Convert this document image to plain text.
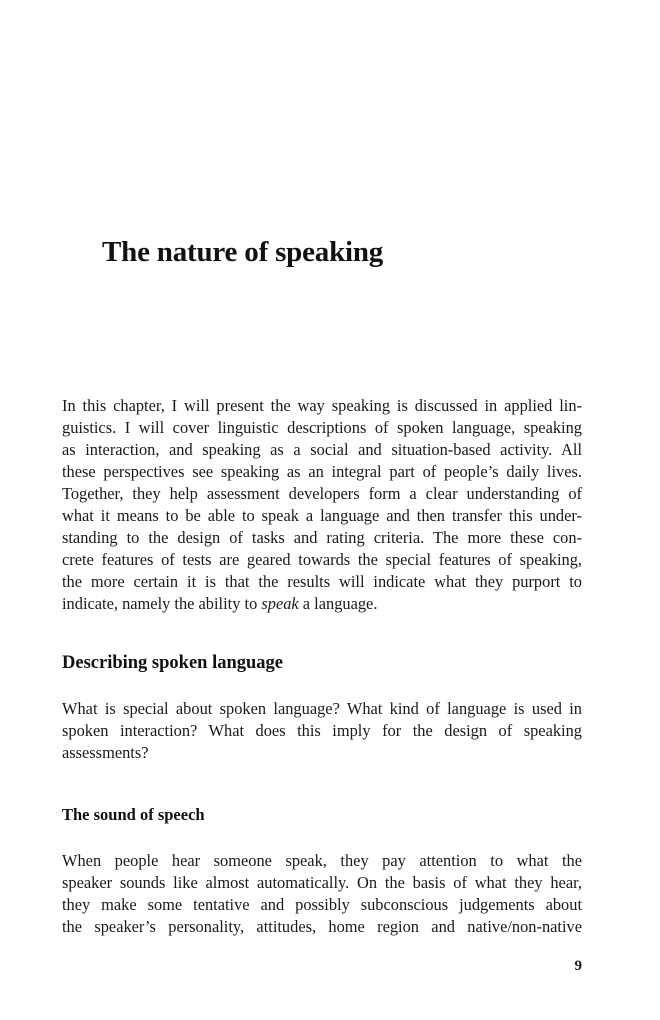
The nature of speaking
In this chapter, I will present the way speaking is discussed in applied lin-
guistics. I will cover linguistic descriptions of spoken language, speaking
as interaction, and speaking as a social and situation-based activity. All
these perspectives see speaking as an integral part of people’s daily lives.
Together, they help assessment developers form a clear understanding of
what it means to be able to speak a language and then transfer this under-
standing to the design of tasks and rating criteria. The more these con-
crete features of tests are geared towards the special features of speaking,
the more certain it is that the results will indicate what they purport to
indicate, namely the ability to speak a language.
Describing spoken language
What is special about spoken language? What kind of language is used in
spoken interaction? What does this imply for the design of speaking
assessments?
The sound of speech
When people hear someone speak, they pay attention to what the
speaker sounds like almost automatically. On the basis of what they hear,
they make some tentative and possibly subconscious judgements about
the speaker’s personality, attitudes, home region and native/non-native
9
